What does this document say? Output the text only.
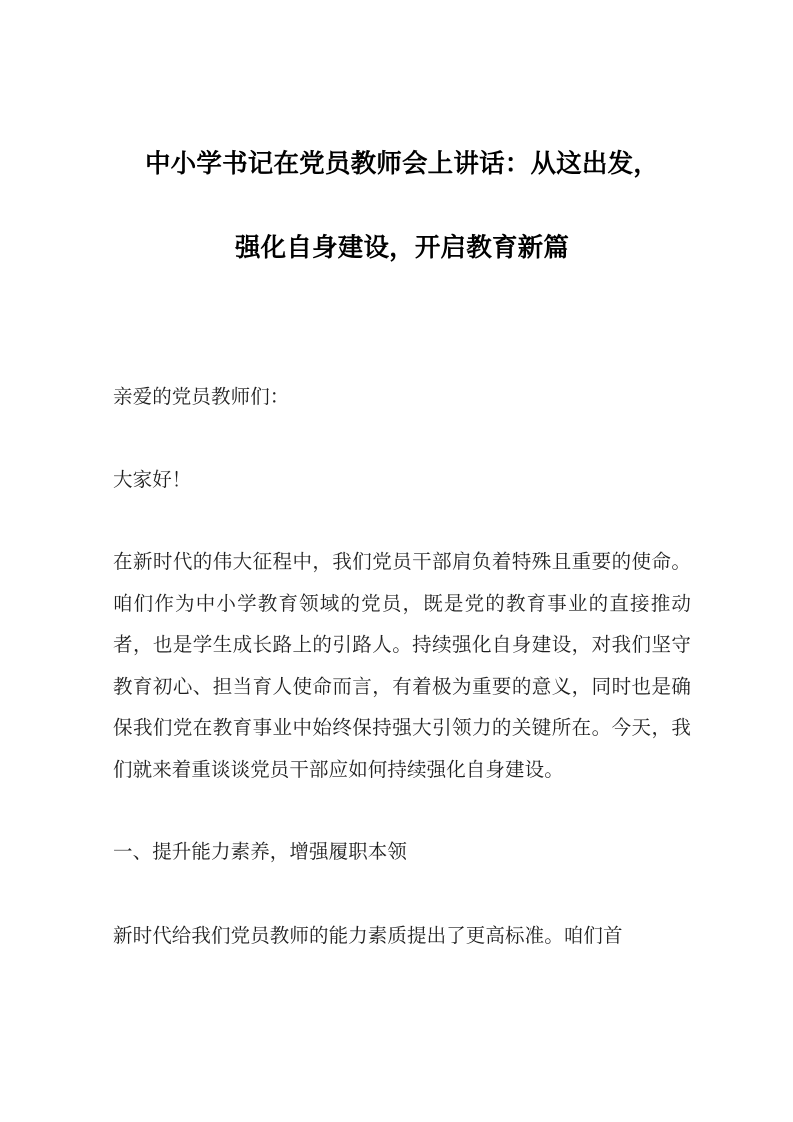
中小学书记在党员教师会上讲话：从这出发，
强化自身建设，开启教育新篇

亲爱的党员教师们：

大家好！

在新时代的伟大征程中，我们党员干部肩负着特殊且重要的使命。咱们作为中小学教育领域的党员，既是党的教育事业的直接推动者，也是学生成长路上的引路人。持续强化自身建设，对我们坚守教育初心、担当育人使命而言，有着极为重要的意义，同时也是确保我们党在教育事业中始终保持强大引领力的关键所在。今天，我们就来着重谈谈党员干部应如何持续强化自身建设。

一、提升能力素养，增强履职本领

新时代给我们党员教师的能力素质提出了更高标准。咱们首
